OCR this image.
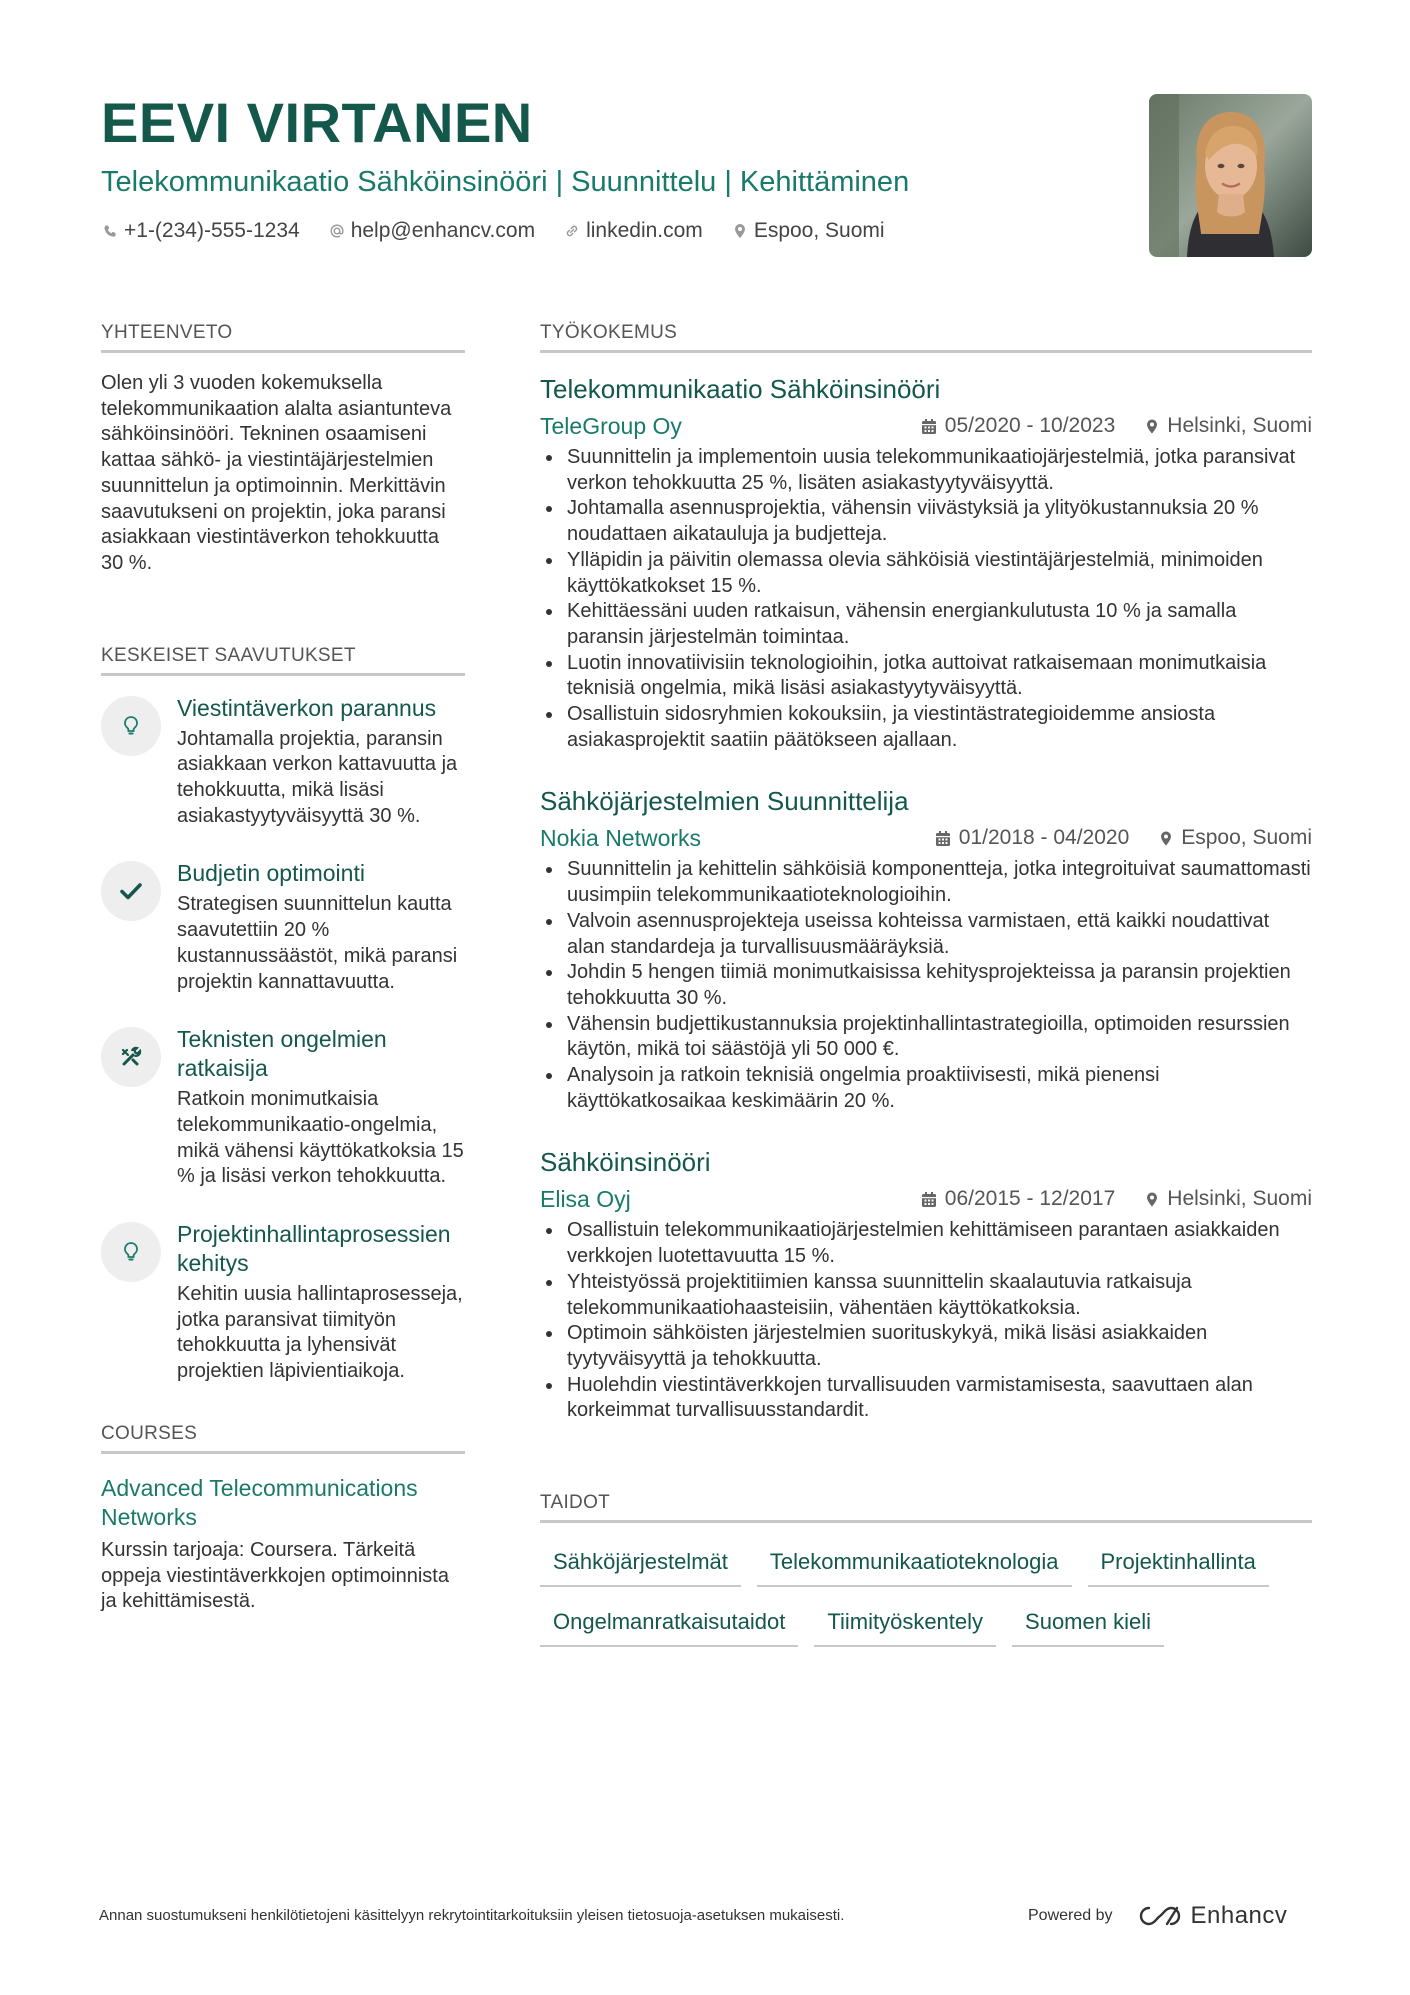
EEVI VIRTANEN
Telekommunikaatio Sähköinsinööri | Suunnittelu | Kehittäminen
+1-(234)-555-1234 help@enhancv.com linkedin.com Espoo, Suomi
YHTEENVETO
Olen yli 3 vuoden kokemuksella telekommunikaation alalta asiantunteva sähköinsinööri. Tekninen osaamiseni kattaa sähkö- ja viestintäjärjestelmien suunnittelun ja optimoinnin. Merkittävin saavutukseni on projektin, joka paransi asiakkaan viestintäverkon tehokkuutta 30 %.
KESKEISET SAAVUTUKSET
Viestintäverkon parannus
Johtamalla projektia, paransin asiakkaan verkon kattavuutta ja tehokkuutta, mikä lisäsi asiakastyytyväisyyttä 30 %.
Budjetin optimointi
Strategisen suunnittelun kautta saavutettiin 20 % kustannussäästöt, mikä paransi projektin kannattavuutta.
Teknisten ongelmien ratkaisija
Ratkoin monimutkaisia telekommunikaatio-ongelmia, mikä vähensi käyttökatkoksia 15 % ja lisäsi verkon tehokkuutta.
Projektinhallintaprosessien kehitys
Kehitin uusia hallintaprosesseja, jotka paransivat tiimityön tehokkuutta ja lyhensivät projektien läpivientiaikoja.
COURSES
Advanced Telecommunications Networks
Kurssin tarjoaja: Coursera. Tärkeitä oppeja viestintäverkkojen optimoinnista ja kehittämisestä.
TYÖKOKEMUS
Telekommunikaatio Sähköinsinööri
TeleGroup Oy	05/2020 - 10/2023 Helsinki, Suomi
Suunnittelin ja implementoin uusia telekommunikaatiojärjestelmiä, jotka paransivat verkon tehokkuutta 25 %, lisäten asiakastyytyväisyyttä.
Johtamalla asennusprojektia, vähensin viivästyksiä ja ylityökustannuksia 20 % noudattaen aikatauluja ja budjetteja.
Ylläpidin ja päivitin olemassa olevia sähköisiä viestintäjärjestelmiä, minimoiden käyttökatkokset 15 %.
Kehittäessäni uuden ratkaisun, vähensin energiankulutusta 10 % ja samalla paransin järjestelmän toimintaa.
Luotin innovatiivisiin teknologioihin, jotka auttoivat ratkaisemaan monimutkaisia teknisiä ongelmia, mikä lisäsi asiakastyytyväisyyttä.
Osallistuin sidosryhmien kokouksiin, ja viestintästrategioidemme ansiosta asiakasprojektit saatiin päätökseen ajallaan.
Sähköjärjestelmien Suunnittelija
Nokia Networks	01/2018 - 04/2020 Espoo, Suomi
Suunnittelin ja kehittelin sähköisiä komponentteja, jotka integroituivat saumattomasti uusimpiin telekommunikaatioteknologioihin.
Valvoin asennusprojekteja useissa kohteissa varmistaen, että kaikki noudattivat alan standardeja ja turvallisuusmääräyksiä.
Johdin 5 hengen tiimiä monimutkaisissa kehitysprojekteissa ja paransin projektien tehokkuutta 30 %.
Vähensin budjettikustannuksia projektinhallintastrategioilla, optimoiden resurssien käytön, mikä toi säästöjä yli 50 000 €.
Analysoin ja ratkoin teknisiä ongelmia proaktiivisesti, mikä pienensi käyttökatkosaikaa keskimäärin 20 %.
Sähköinsinööri
Elisa Oyj	06/2015 - 12/2017 Helsinki, Suomi
Osallistuin telekommunikaatiojärjestelmien kehittämiseen parantaen asiakkaiden verkkojen luotettavuutta 15 %.
Yhteistyössä projektitiimien kanssa suunnittelin skaalautuvia ratkaisuja telekommunikaatiohaasteisiin, vähentäen käyttökatkoksia.
Optimoin sähköisten järjestelmien suorituskykyä, mikä lisäsi asiakkaiden tyytyväisyyttä ja tehokkuutta.
Huolehdin viestintäverkkojen turvallisuuden varmistamisesta, saavuttaen alan korkeimmat turvallisuusstandardit.
TAIDOT
Sähköjärjestelmät	Telekommunikaatioteknologia	Projektinhallinta
Ongelmanratkaisutaidot	Tiimityöskentely	Suomen kieli
Annan suostumukseni henkilötietojeni käsittelyyn rekrytointitarkoituksiin yleisen tietosuoja-asetuksen mukaisesti.	Powered by	Enhancv
